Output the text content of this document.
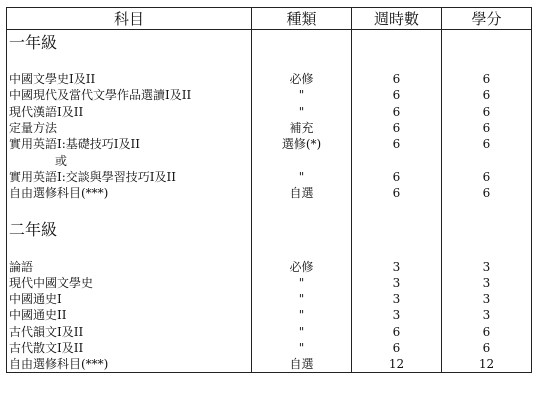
科目	種類	週時數	學分
一年級			

中國文學史I及II	必修	6	6
中國現代及當代文學作品選讀I及II	"	6	6
現代漢語I及II	"	6	6
定量方法	補充	6	6
實用英語I:基礎技巧I及II	選修(*)	6	6
或			
實用英語I:交談與學習技巧I及II	"	6	6
自由選修科目(***)	自選	6	6

二年級			

論語	必修	3	3
現代中國文學史	"	3	3
中國通史I	"	3	3
中國通史II	"	3	3
古代韻文I及II	"	6	6
古代散文I及II	"	6	6
自由選修科目(***)	自選	12	12
